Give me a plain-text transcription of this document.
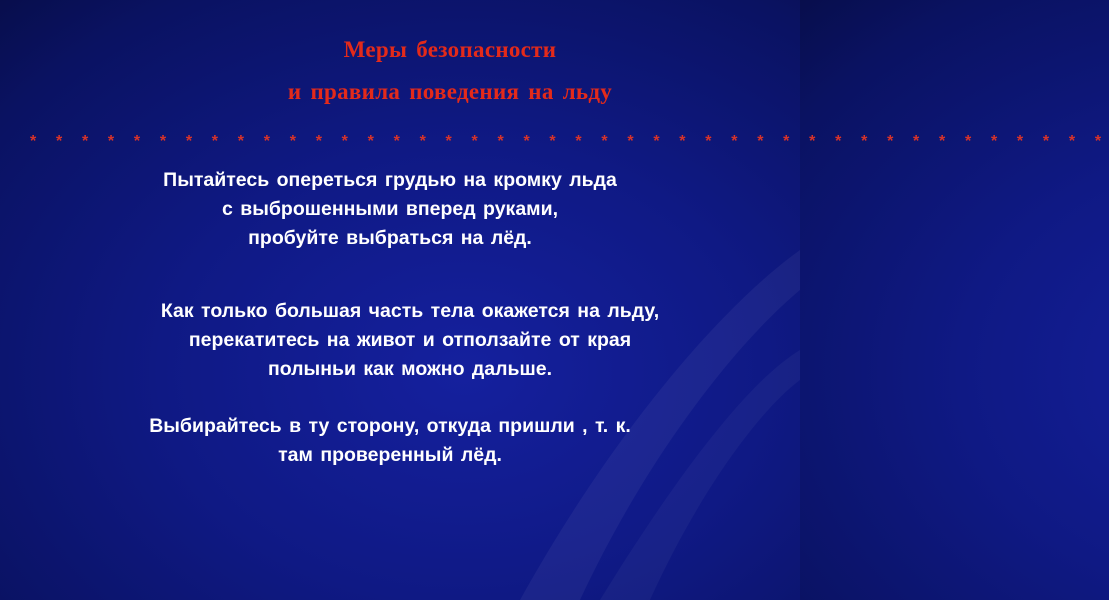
Меры безопасности
и правила поведения на льду
* * * * * * * * * * * * * * * * * * * * * * * * * * * * * * * * * * * * * * * * * *
Пытайтесь опереться грудью на кромку льда
с выброшенными вперед руками,
пробуйте выбраться на лёд.
Как только большая часть тела окажется на льду,
перекатитесь на живот и отползайте от края
полыньи как можно дальше.
Выбирайтесь в ту сторону, откуда пришли , т. к.
там проверенный лёд.
